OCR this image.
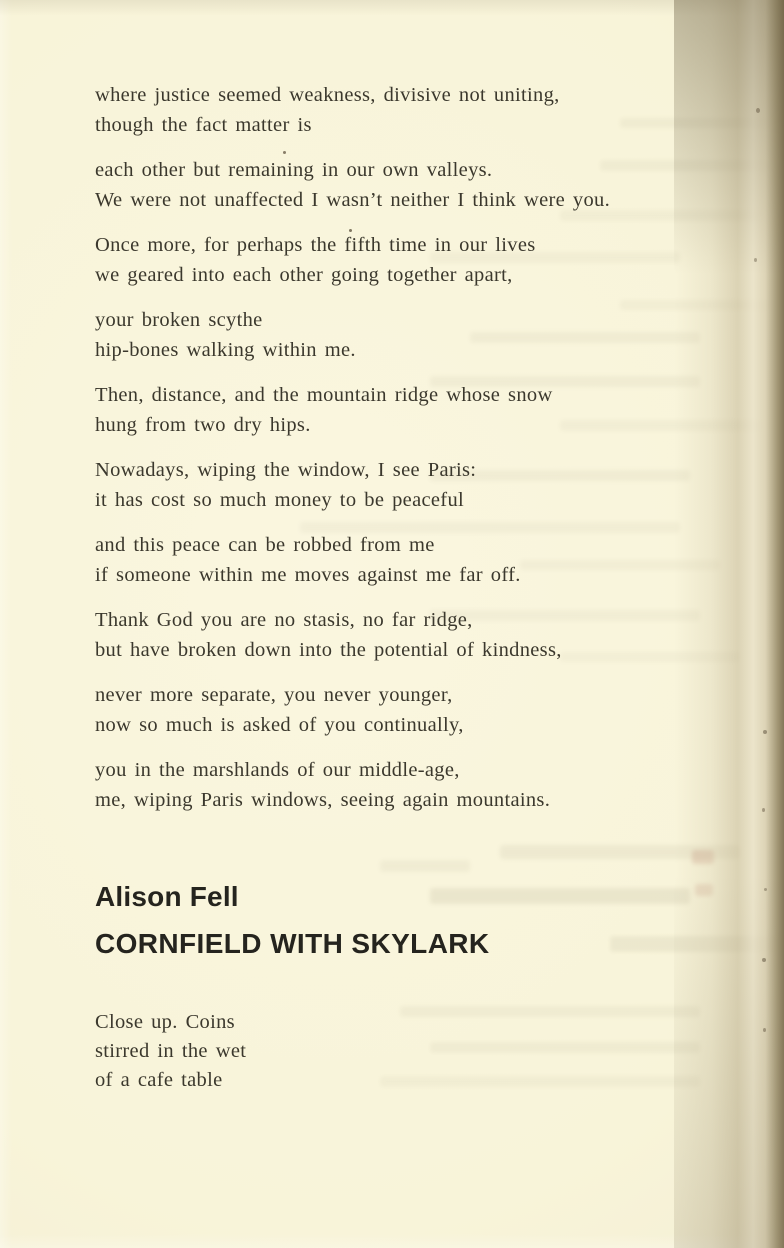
where justice seemed weakness, divisive not uniting,
though the fact matter is
each other but remaining in our own valleys.
We were not unaffected I wasn’t neither I think were you.
Once more, for perhaps the fifth time in our lives
we geared into each other going together apart,
your broken scythe
hip-bones walking within me.
Then, distance, and the mountain ridge whose snow
hung from two dry hips.
Nowadays, wiping the window, I see Paris:
it has cost so much money to be peaceful
and this peace can be robbed from me
if someone within me moves against me far off.
Thank God you are no stasis, no far ridge,
but have broken down into the potential of kindness,
never more separate, you never younger,
now so much is asked of you continually,
you in the marshlands of our middle-age,
me, wiping Paris windows, seeing again mountains.
Alison Fell
CORNFIELD WITH SKYLARK
Close up. Coins
stirred in the wet
of a cafe table
